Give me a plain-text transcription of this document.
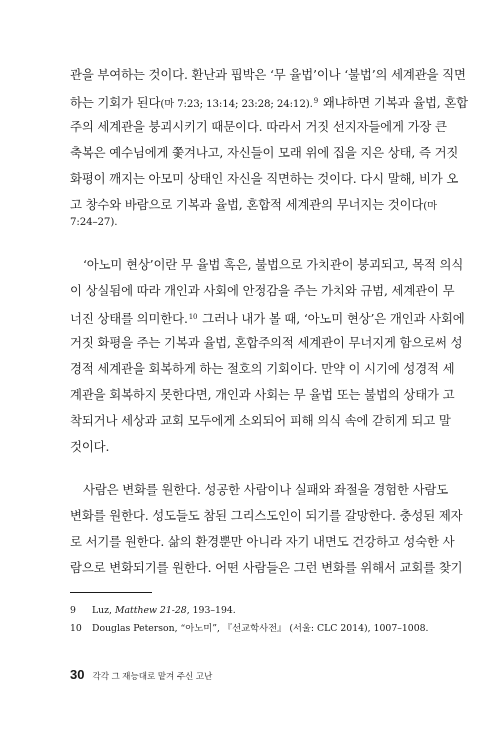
관을 부여하는 것이다. 환난과 핍박은 ‘무 율법’이나 ‘불법’의 세계관을 직면
하는 기회가 된다(마 7:23; 13:14; 23:28; 24:12).$^9$ 왜냐하면 기복과 율법, 혼합
주의 세계관을 붕괴시키기 때문이다. 따라서 거짓 선지자들에게 가장 큰
축복은 예수님에게 쫓겨나고, 자신들이 모래 위에 집을 지은 상태, 즉 거짓
화평이 깨지는 아모미 상태인 자신을 직면하는 것이다. 다시 말해, 비가 오
고 창수와 바람으로 기복과 율법, 혼합적 세계관의 무너지는 것이다(마
7:24–27).
‘아노미 현상’이란 무 율법 혹은, 불법으로 가치관이 붕괴되고, 목적 의식
이 상실됨에 따라 개인과 사회에 안정감을 주는 가치와 규범, 세계관이 무
너진 상태를 의미한다.$^{10}$ 그러나 내가 볼 때, ‘아노미 현상’은 개인과 사회에
거짓 화평을 주는 기복과 율법, 혼합주의적 세계관이 무너지게 함으로써 성
경적 세계관을 회복하게 하는 절호의 기회이다. 만약 이 시기에 성경적 세
계관을 회복하지 못한다면, 개인과 사회는 무 율법 또는 불법의 상태가 고
착되거나 세상과 교회 모두에게 소외되어 피해 의식 속에 갇히게 되고 말
것이다.
사람은 변화를 원한다. 성공한 사람이나 실패와 좌절을 경험한 사람도
변화를 원한다. 성도들도 참된 그리스도인이 되기를 갈망한다. 충성된 제자
로 서기를 원한다. 삶의 환경뿐만 아니라 자기 내면도 건강하고 성숙한 사
람으로 변화되기를 원한다. 어떤 사람들은 그런 변화를 위해서 교회를 찾기
9 Luz, Matthew 21-28, 193–194.
10 Douglas Peterson, “아노미”, 『선교학사전』 (서울: CLC 2014), 1007–1008.
30 각각 그 재능대로 맡겨 주신 고난
